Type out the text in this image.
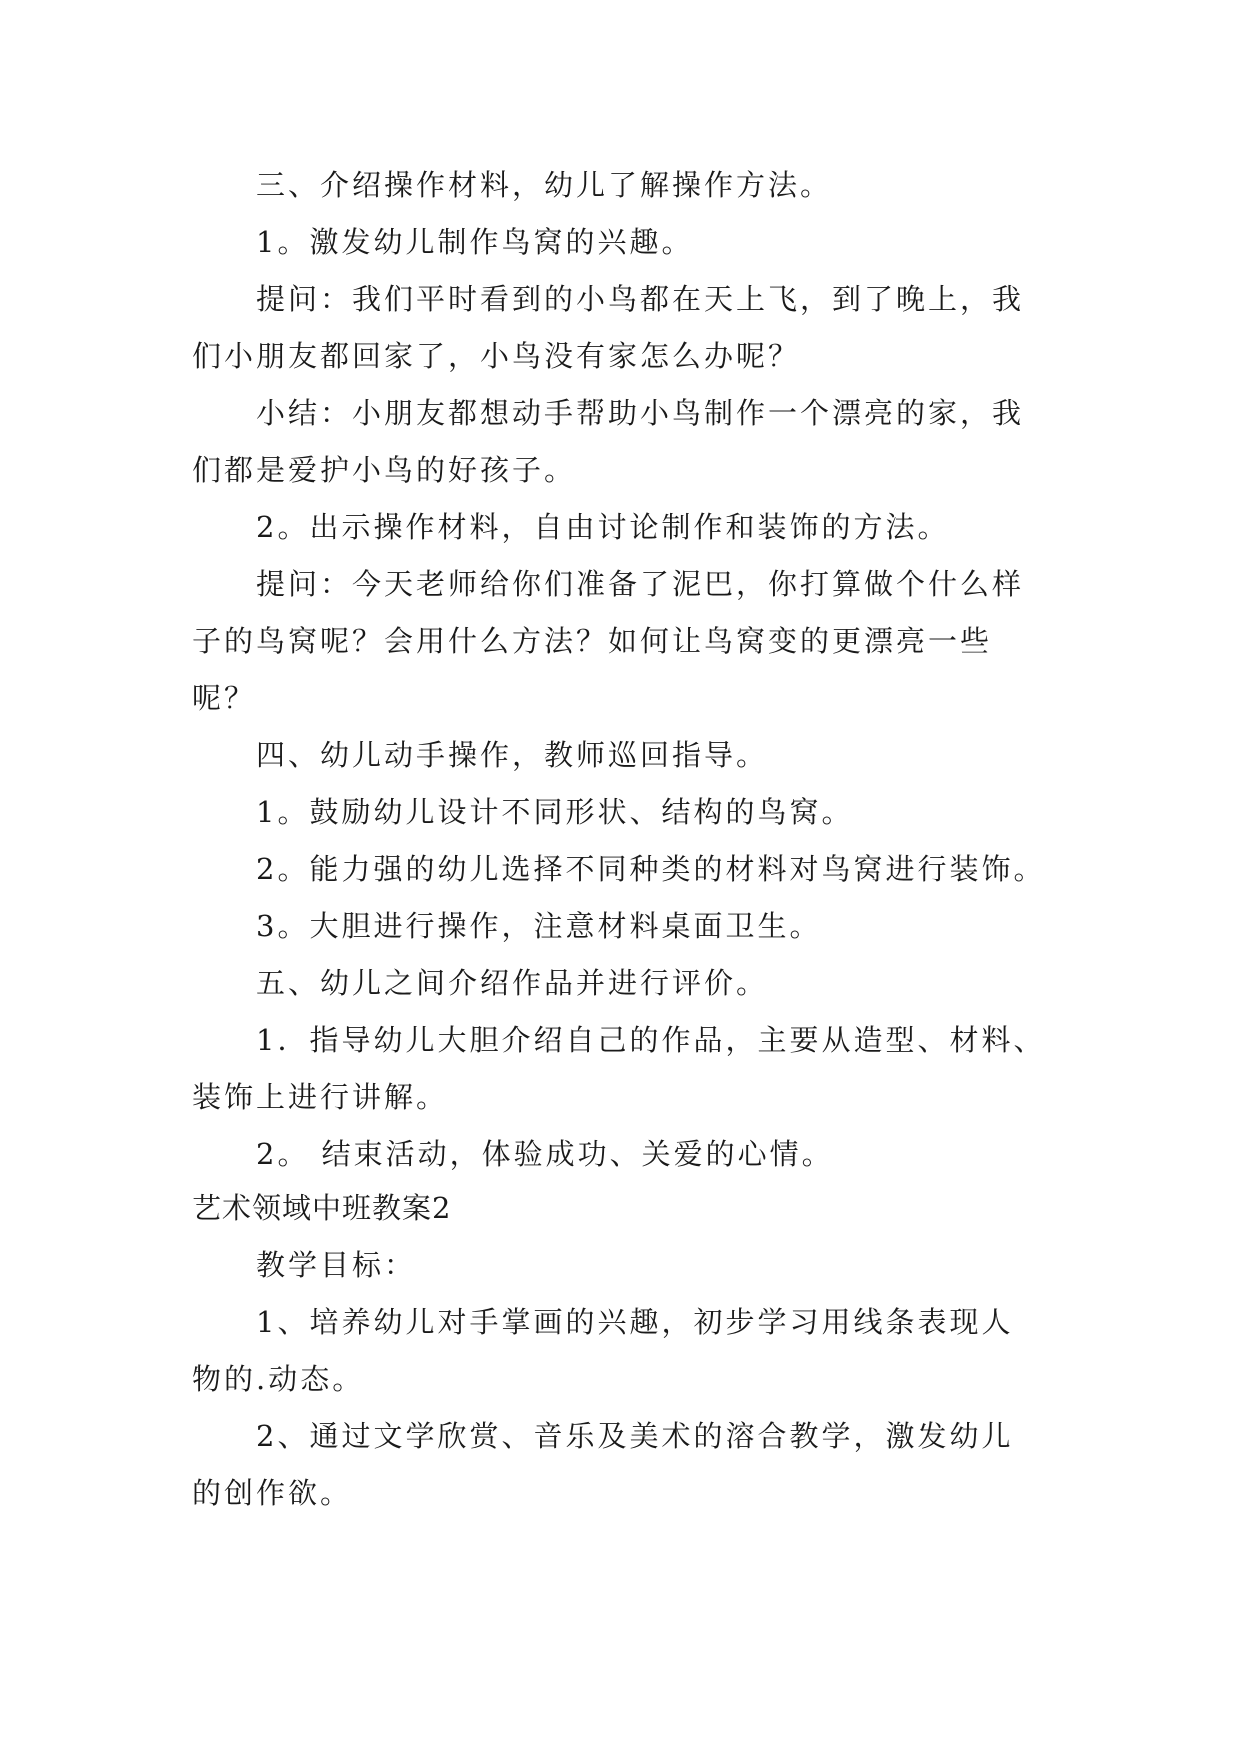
三、介绍操作材料，幼儿了解操作方法。
1。激发幼儿制作鸟窝的兴趣。
提问：我们平时看到的小鸟都在天上飞，到了晚上，我
们小朋友都回家了，小鸟没有家怎么办呢？
小结：小朋友都想动手帮助小鸟制作一个漂亮的家，我
们都是爱护小鸟的好孩子。
2。出示操作材料，自由讨论制作和装饰的方法。
提问：今天老师给你们准备了泥巴，你打算做个什么样
子的鸟窝呢？会用什么方法？如何让鸟窝变的更漂亮一些
呢？
四、幼儿动手操作，教师巡回指导。
1。鼓励幼儿设计不同形状、结构的鸟窝。
2。能力强的幼儿选择不同种类的材料对鸟窝进行装饰。
3。大胆进行操作，注意材料桌面卫生。
五、幼儿之间介绍作品并进行评价。
1．指导幼儿大胆介绍自己的作品，主要从造型、材料、
装饰上进行讲解。
2。 结束活动，体验成功、关爱的心情。
艺术领域中班教案2
教学目标：
1、培养幼儿对手掌画的兴趣，初步学习用线条表现人
物的.动态。
2、通过文学欣赏、音乐及美术的溶合教学，激发幼儿
的创作欲。
